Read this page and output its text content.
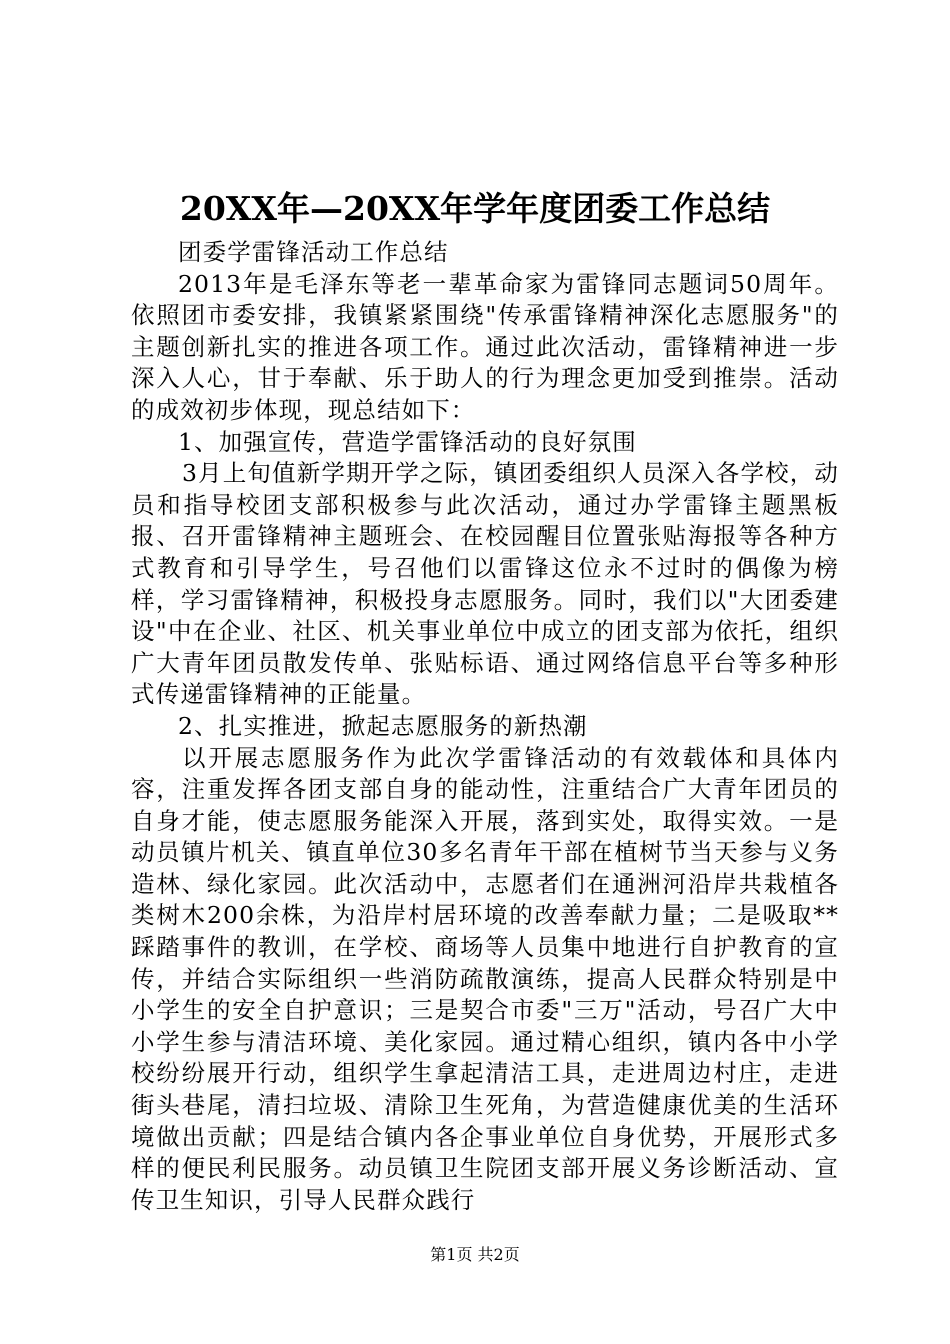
20XX年—20XX年学年度团委工作总结

团委学雷锋活动工作总结

2013年是毛泽东等老一辈革命家为雷锋同志题词50周年。依照团市委安排，我镇紧紧围绕"传承雷锋精神深化志愿服务"的主题创新扎实的推进各项工作。通过此次活动，雷锋精神进一步深入人心，甘于奉献、乐于助人的行为理念更加受到推崇。活动的成效初步体现，现总结如下：

1、加强宣传，营造学雷锋活动的良好氛围

3月上旬值新学期开学之际，镇团委组织人员深入各学校，动员和指导校团支部积极参与此次活动，通过办学雷锋主题黑板报、召开雷锋精神主题班会、在校园醒目位置张贴海报等各种方式教育和引导学生，号召他们以雷锋这位永不过时的偶像为榜样，学习雷锋精神，积极投身志愿服务。同时，我们以"大团委建设"中在企业、社区、机关事业单位中成立的团支部为依托，组织广大青年团员散发传单、张贴标语、通过网络信息平台等多种形式传递雷锋精神的正能量。

2、扎实推进，掀起志愿服务的新热潮

以开展志愿服务作为此次学雷锋活动的有效载体和具体内容，注重发挥各团支部自身的能动性，注重结合广大青年团员的自身才能，使志愿服务能深入开展，落到实处，取得实效。一是动员镇片机关、镇直单位30多名青年干部在植树节当天参与义务造林、绿化家园。此次活动中，志愿者们在通洲河沿岸共栽植各类树木200余株，为沿岸村居环境的改善奉献力量；二是吸取**踩踏事件的教训，在学校、商场等人员集中地进行自护教育的宣传，并结合实际组织一些消防疏散演练，提高人民群众特别是中小学生的安全自护意识；三是契合市委"三万"活动，号召广大中小学生参与清洁环境、美化家园。通过精心组织，镇内各中小学校纷纷展开行动，组织学生拿起清洁工具，走进周边村庄，走进街头巷尾，清扫垃圾、清除卫生死角，为营造健康优美的生活环境做出贡献；四是结合镇内各企事业单位自身优势，开展形式多样的便民利民服务。动员镇卫生院团支部开展义务诊断活动、宣传卫生知识，引导人民群众践行

第1页 共2页
